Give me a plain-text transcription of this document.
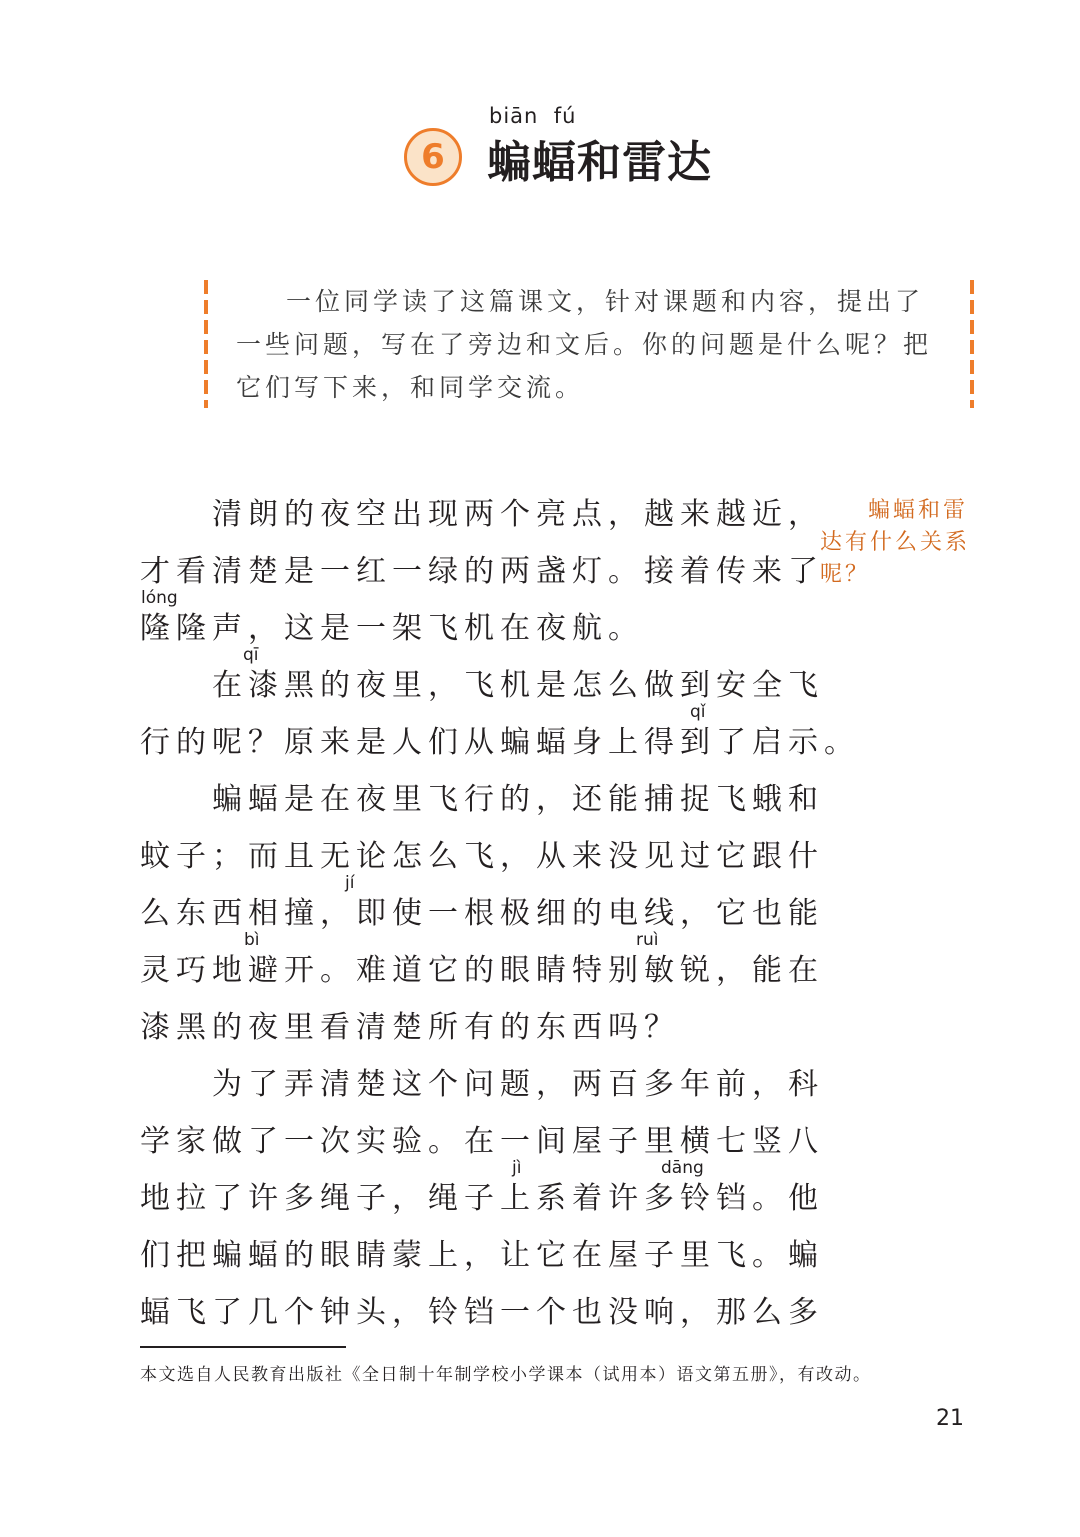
6
biān  fú
蝙蝠和雷达
一位同学读了这篇课文，针对课题和内容，提出了一些问题，写在了旁边和文后。你的问题是什么呢？把它们写下来，和同学交流。
蝙蝠和雷达有什么关系呢？
　　清朗的夜空出现两个亮点，越来越近，
才看清楚是一红一绿的两盏灯。接着传来了
隆隆声，这是一架飞机在夜航。
　　在漆黑的夜里，飞机是怎么做到安全飞
行的呢？原来是人们从蝙蝠身上得到了启示。
　　蝙蝠是在夜里飞行的，还能捕捉飞蛾和
蚊子；而且无论怎么飞，从来没见过它跟什
么东西相撞，即使一根极细的电线，它也能
灵巧地避开。难道它的眼睛特别敏锐，能在
漆黑的夜里看清楚所有的东西吗？
　　为了弄清楚这个问题，两百多年前，科
学家做了一次实验。在一间屋子里横七竖八
地拉了许多绳子，绳子上系着许多铃铛。他
们把蝙蝠的眼睛蒙上，让它在屋子里飞。蝙
蝠飞了几个钟头，铃铛一个也没响，那么多
lóng
qī
qǐ
jí
bì	ruì
jì	dāng
本文选自人民教育出版社《全日制十年制学校小学课本（试用本）语文第五册》，有改动。
21
